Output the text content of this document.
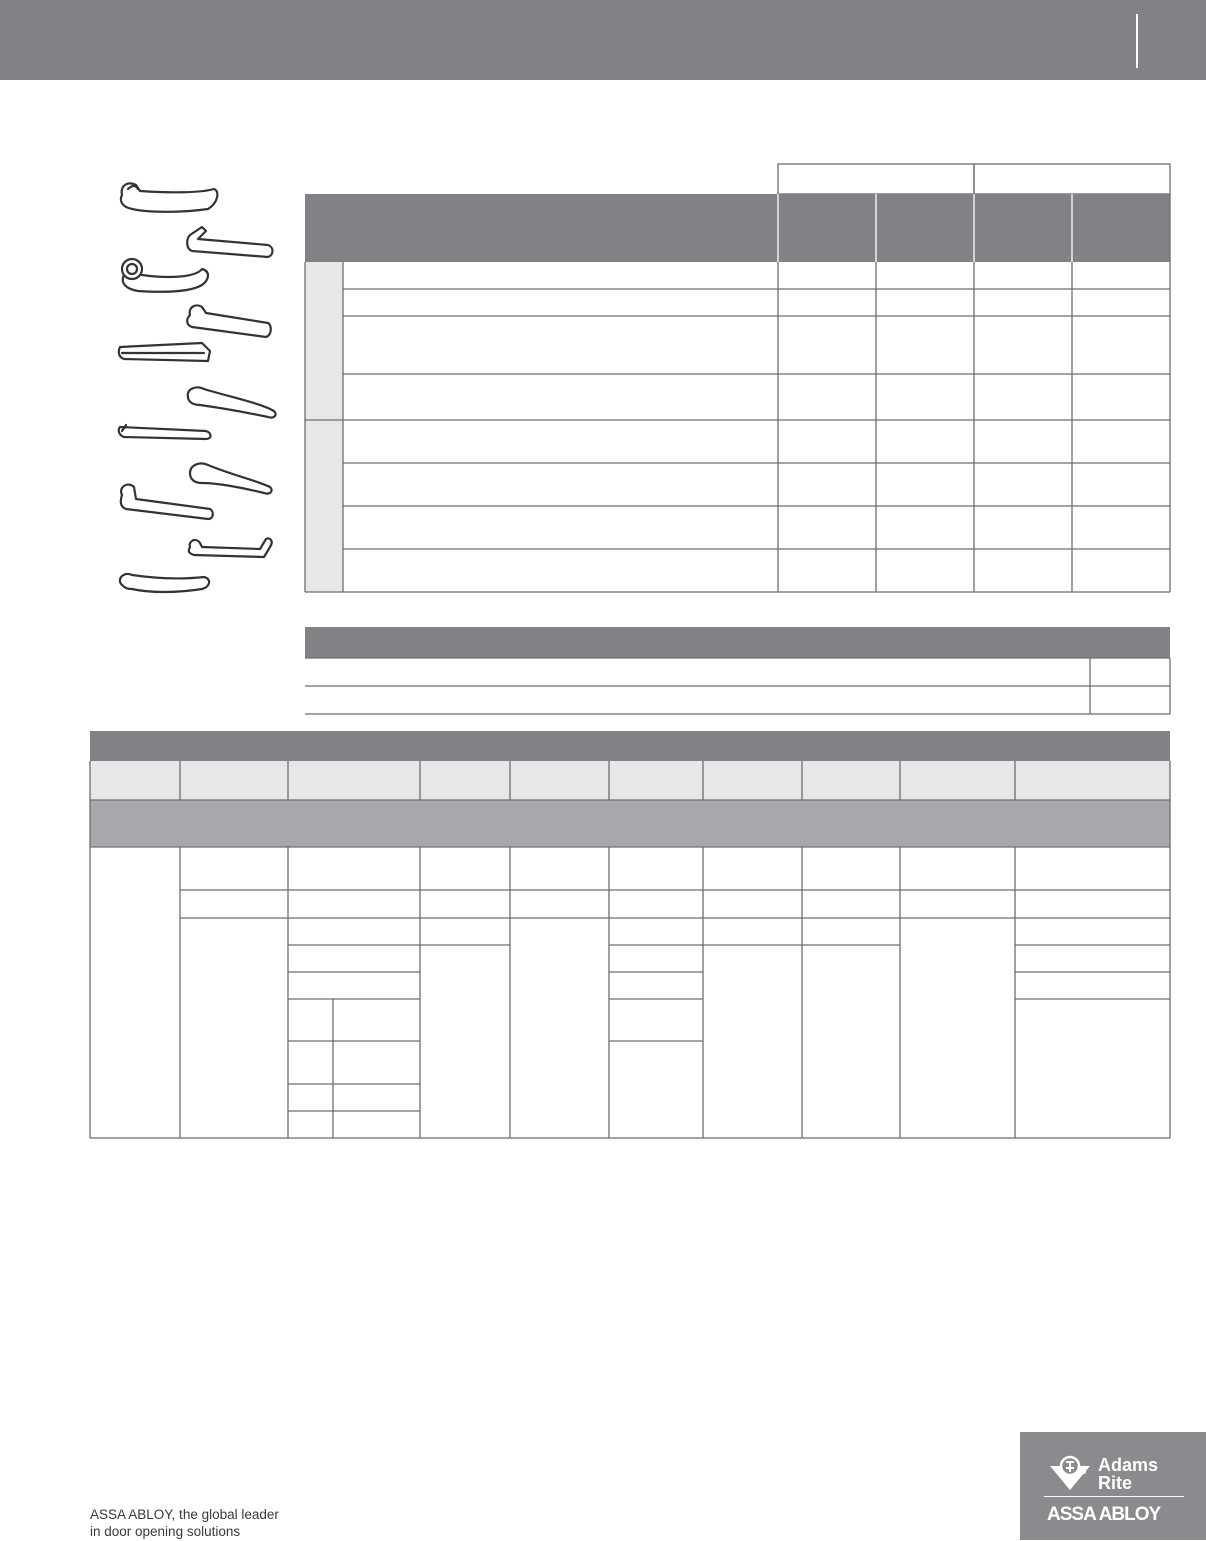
ASSA ABLOY, the global leader
in door opening solutions
Adams
Rite
ASSA ABLOY
